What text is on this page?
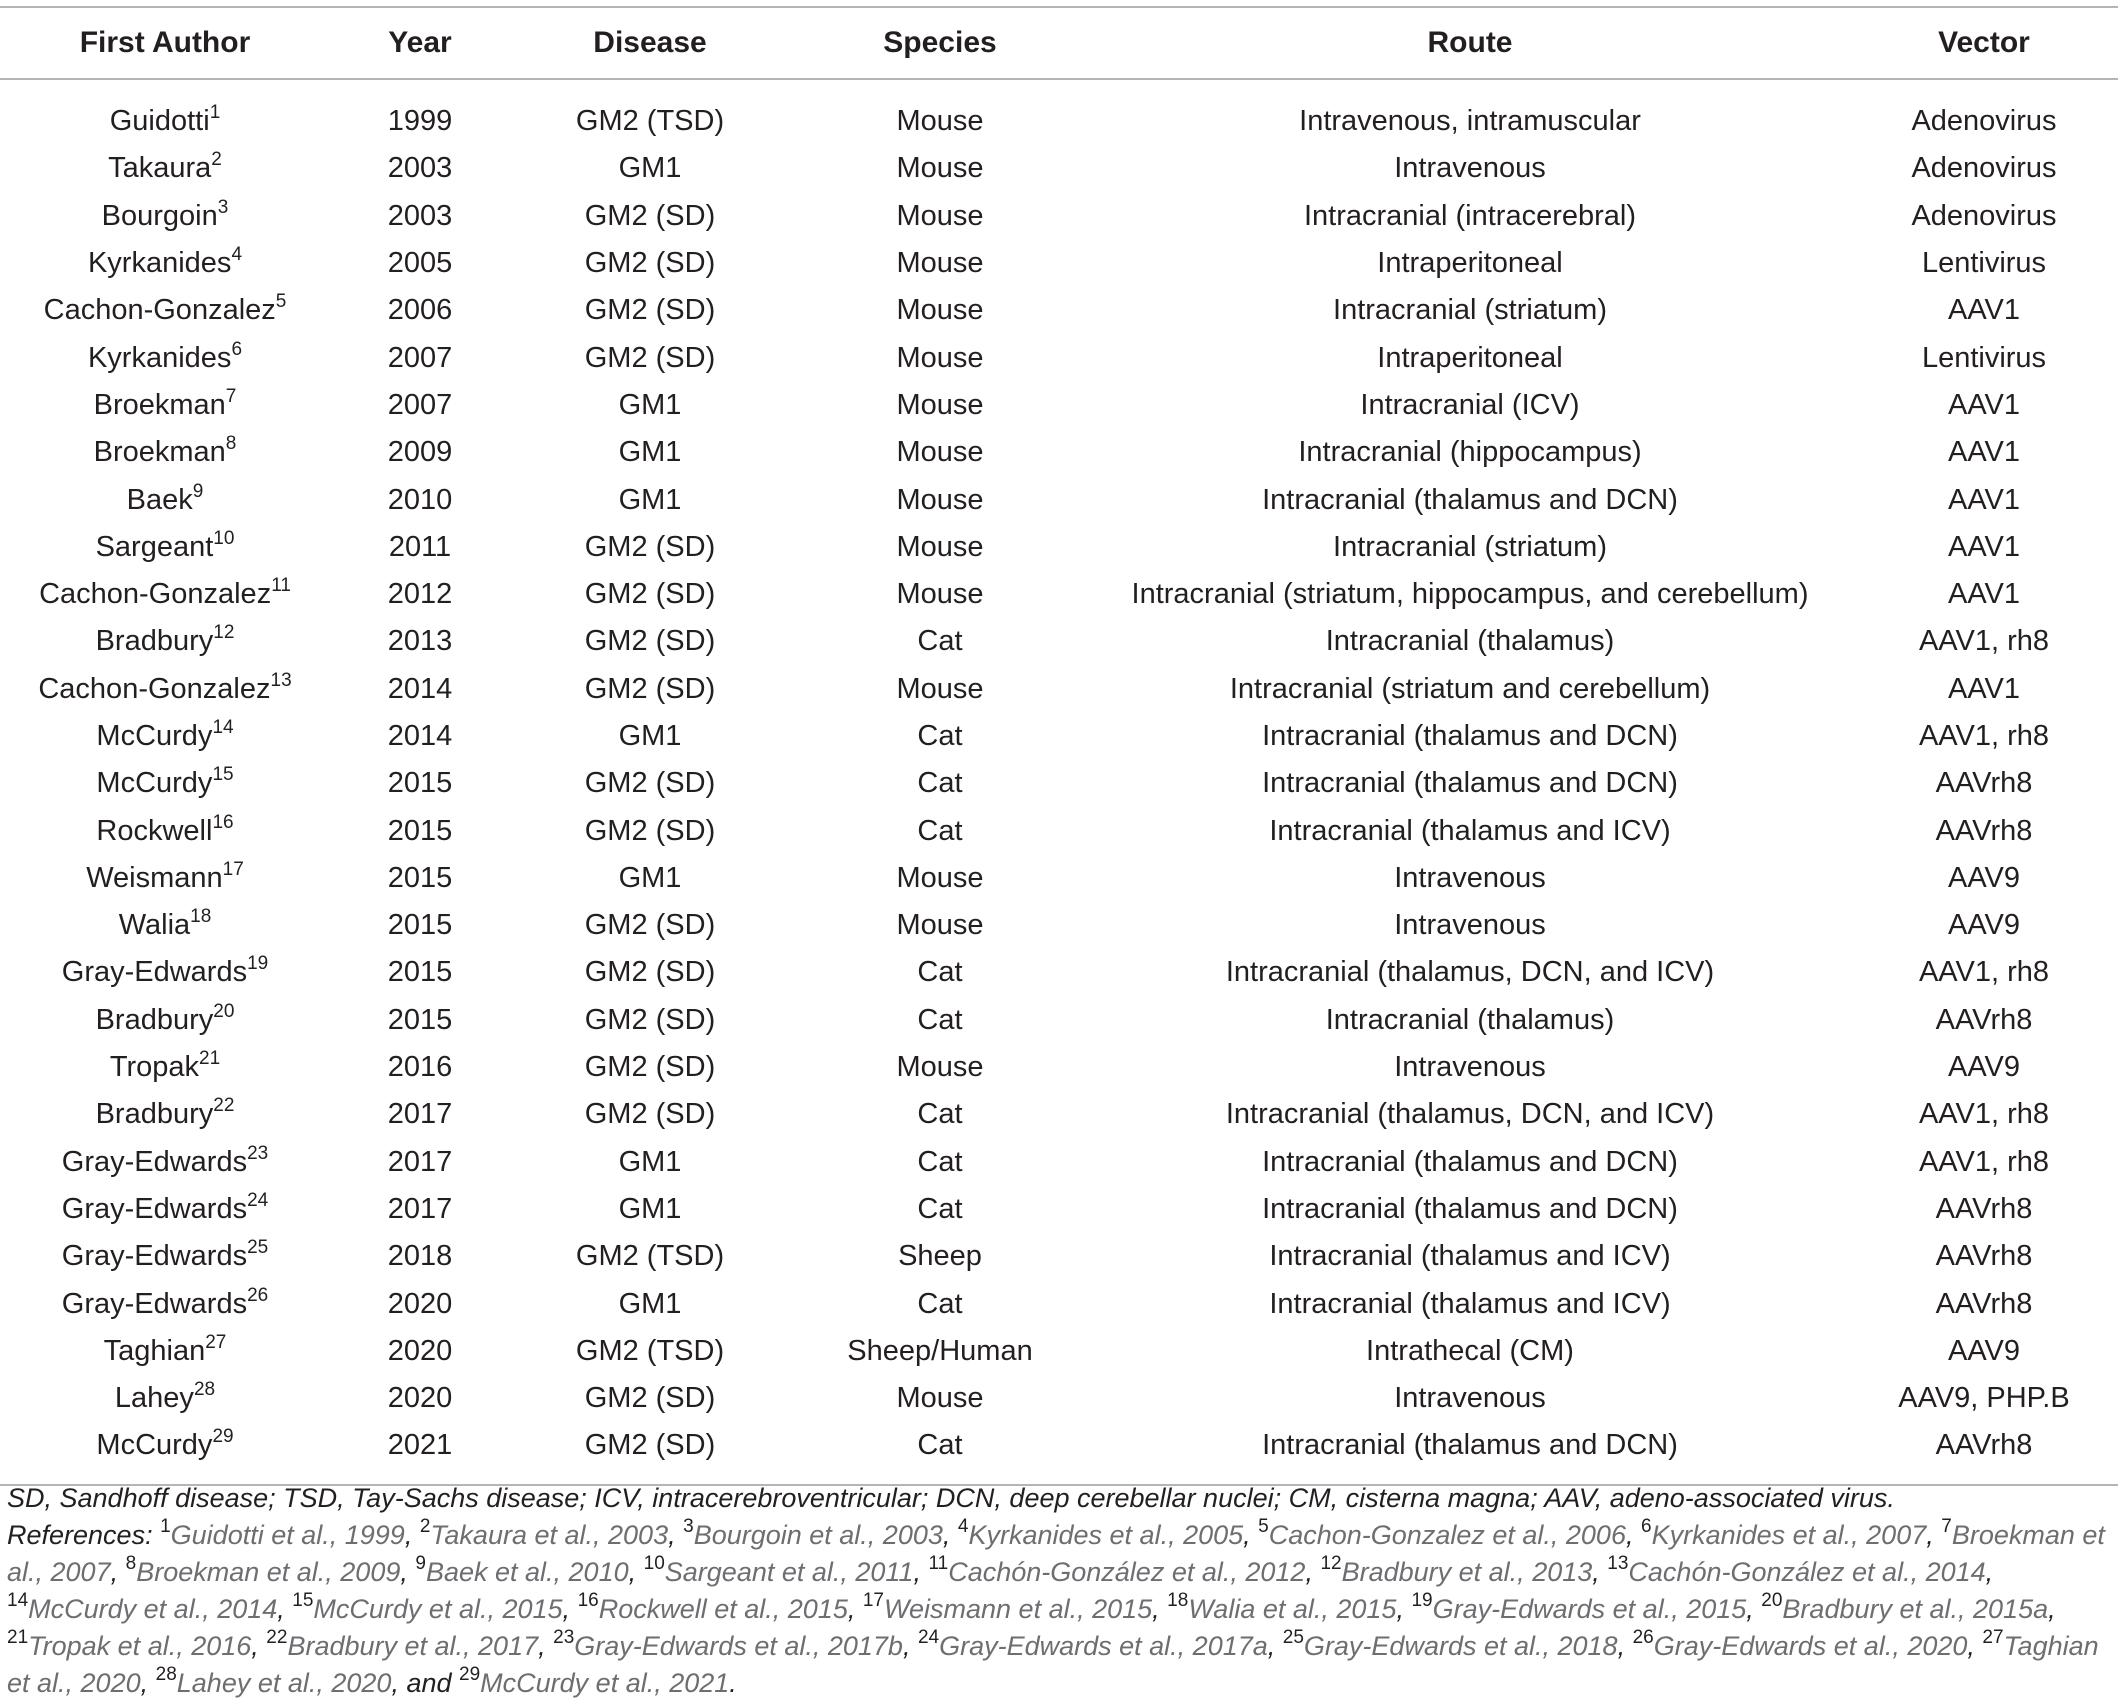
First Author	Year	Disease	Species	Route	Vector
Guidotti$^1$	1999	GM2 (TSD)	Mouse	Intravenous, intramuscular	Adenovirus
Takaura$^2$	2003	GM1	Mouse	Intravenous	Adenovirus
Bourgoin$^3$	2003	GM2 (SD)	Mouse	Intracranial (intracerebral)	Adenovirus
Kyrkanides$^4$	2005	GM2 (SD)	Mouse	Intraperitoneal	Lentivirus
Cachon-Gonzalez$^5$	2006	GM2 (SD)	Mouse	Intracranial (striatum)	AAV1
Kyrkanides$^6$	2007	GM2 (SD)	Mouse	Intraperitoneal	Lentivirus
Broekman$^7$	2007	GM1	Mouse	Intracranial (ICV)	AAV1
Broekman$^8$	2009	GM1	Mouse	Intracranial (hippocampus)	AAV1
Baek$^9$	2010	GM1	Mouse	Intracranial (thalamus and DCN)	AAV1
Sargeant$^{10}$	2011	GM2 (SD)	Mouse	Intracranial (striatum)	AAV1
Cachon-Gonzalez$^{11}$	2012	GM2 (SD)	Mouse	Intracranial (striatum, hippocampus, and cerebellum)	AAV1
Bradbury$^{12}$	2013	GM2 (SD)	Cat	Intracranial (thalamus)	AAV1, rh8
Cachon-Gonzalez$^{13}$	2014	GM2 (SD)	Mouse	Intracranial (striatum and cerebellum)	AAV1
McCurdy$^{14}$	2014	GM1	Cat	Intracranial (thalamus and DCN)	AAV1, rh8
McCurdy$^{15}$	2015	GM2 (SD)	Cat	Intracranial (thalamus and DCN)	AAVrh8
Rockwell$^{16}$	2015	GM2 (SD)	Cat	Intracranial (thalamus and ICV)	AAVrh8
Weismann$^{17}$	2015	GM1	Mouse	Intravenous	AAV9
Walia$^{18}$	2015	GM2 (SD)	Mouse	Intravenous	AAV9
Gray-Edwards$^{19}$	2015	GM2 (SD)	Cat	Intracranial (thalamus, DCN, and ICV)	AAV1, rh8
Bradbury$^{20}$	2015	GM2 (SD)	Cat	Intracranial (thalamus)	AAVrh8
Tropak$^{21}$	2016	GM2 (SD)	Mouse	Intravenous	AAV9
Bradbury$^{22}$	2017	GM2 (SD)	Cat	Intracranial (thalamus, DCN, and ICV)	AAV1, rh8
Gray-Edwards$^{23}$	2017	GM1	Cat	Intracranial (thalamus and DCN)	AAV1, rh8
Gray-Edwards$^{24}$	2017	GM1	Cat	Intracranial (thalamus and DCN)	AAVrh8
Gray-Edwards$^{25}$	2018	GM2 (TSD)	Sheep	Intracranial (thalamus and ICV)	AAVrh8
Gray-Edwards$^{26}$	2020	GM1	Cat	Intracranial (thalamus and ICV)	AAVrh8
Taghian$^{27}$	2020	GM2 (TSD)	Sheep/Human	Intrathecal (CM)	AAV9
Lahey$^{28}$	2020	GM2 (SD)	Mouse	Intravenous	AAV9, PHP.B
McCurdy$^{29}$	2021	GM2 (SD)	Cat	Intracranial (thalamus and DCN)	AAVrh8
SD, Sandhoff disease; TSD, Tay-Sachs disease; ICV, intracerebroventricular; DCN, deep cerebellar nuclei; CM, cisterna magna; AAV, adeno-associated virus.
References: $^1$Guidotti et al., 1999, $^2$Takaura et al., 2003, $^3$Bourgoin et al., 2003, $^4$Kyrkanides et al., 2005, $^5$Cachon-Gonzalez et al., 2006, $^6$Kyrkanides et al., 2007, $^7$Broekman et al., 2007, $^8$Broekman et al., 2009, $^9$Baek et al., 2010, $^{10}$Sargeant et al., 2011, $^{11}$Cachón-González et al., 2012, $^{12}$Bradbury et al., 2013, $^{13}$Cachón-González et al., 2014, $^{14}$McCurdy et al., 2014, $^{15}$McCurdy et al., 2015, $^{16}$Rockwell et al., 2015, $^{17}$Weismann et al., 2015, $^{18}$Walia et al., 2015, $^{19}$Gray-Edwards et al., 2015, $^{20}$Bradbury et al., 2015a, $^{21}$Tropak et al., 2016, $^{22}$Bradbury et al., 2017, $^{23}$Gray-Edwards et al., 2017b, $^{24}$Gray-Edwards et al., 2017a, $^{25}$Gray-Edwards et al., 2018, $^{26}$Gray-Edwards et al., 2020, $^{27}$Taghian et al., 2020, $^{28}$Lahey et al., 2020, and $^{29}$McCurdy et al., 2021.
